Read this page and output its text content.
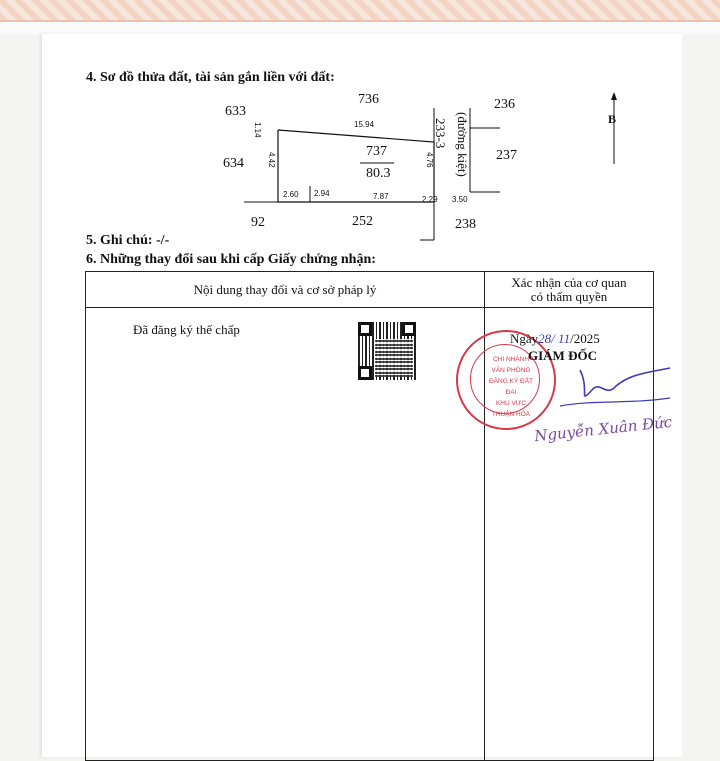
4. Sơ đồ thửa đất, tài sản gắn liền với đất:
633
736	236
634
237
92	252	238
737
80.3
233-3 (đường kiệt)
1.14	15.94
4.42	4.76
2.60 2.94	7.87	2.29 3.50
B
5. Ghi chú: -/-
6. Những thay đổi sau khi cấp Giấy chứng nhận:
Nội dung thay đổi và cơ sở pháp lý	Xác nhận của cơ quan
có thẩm quyền

Đã đăng ký thế chấp
CHI NHÁNH
VĂN PHÒNG
ĐĂNG KÝ ĐẤT ĐAI
KHU VỰC
THUẬN HÓA
Ngày28/ 11/2025
GIÁM ĐỐC
Nguyễn Xuân Đức
